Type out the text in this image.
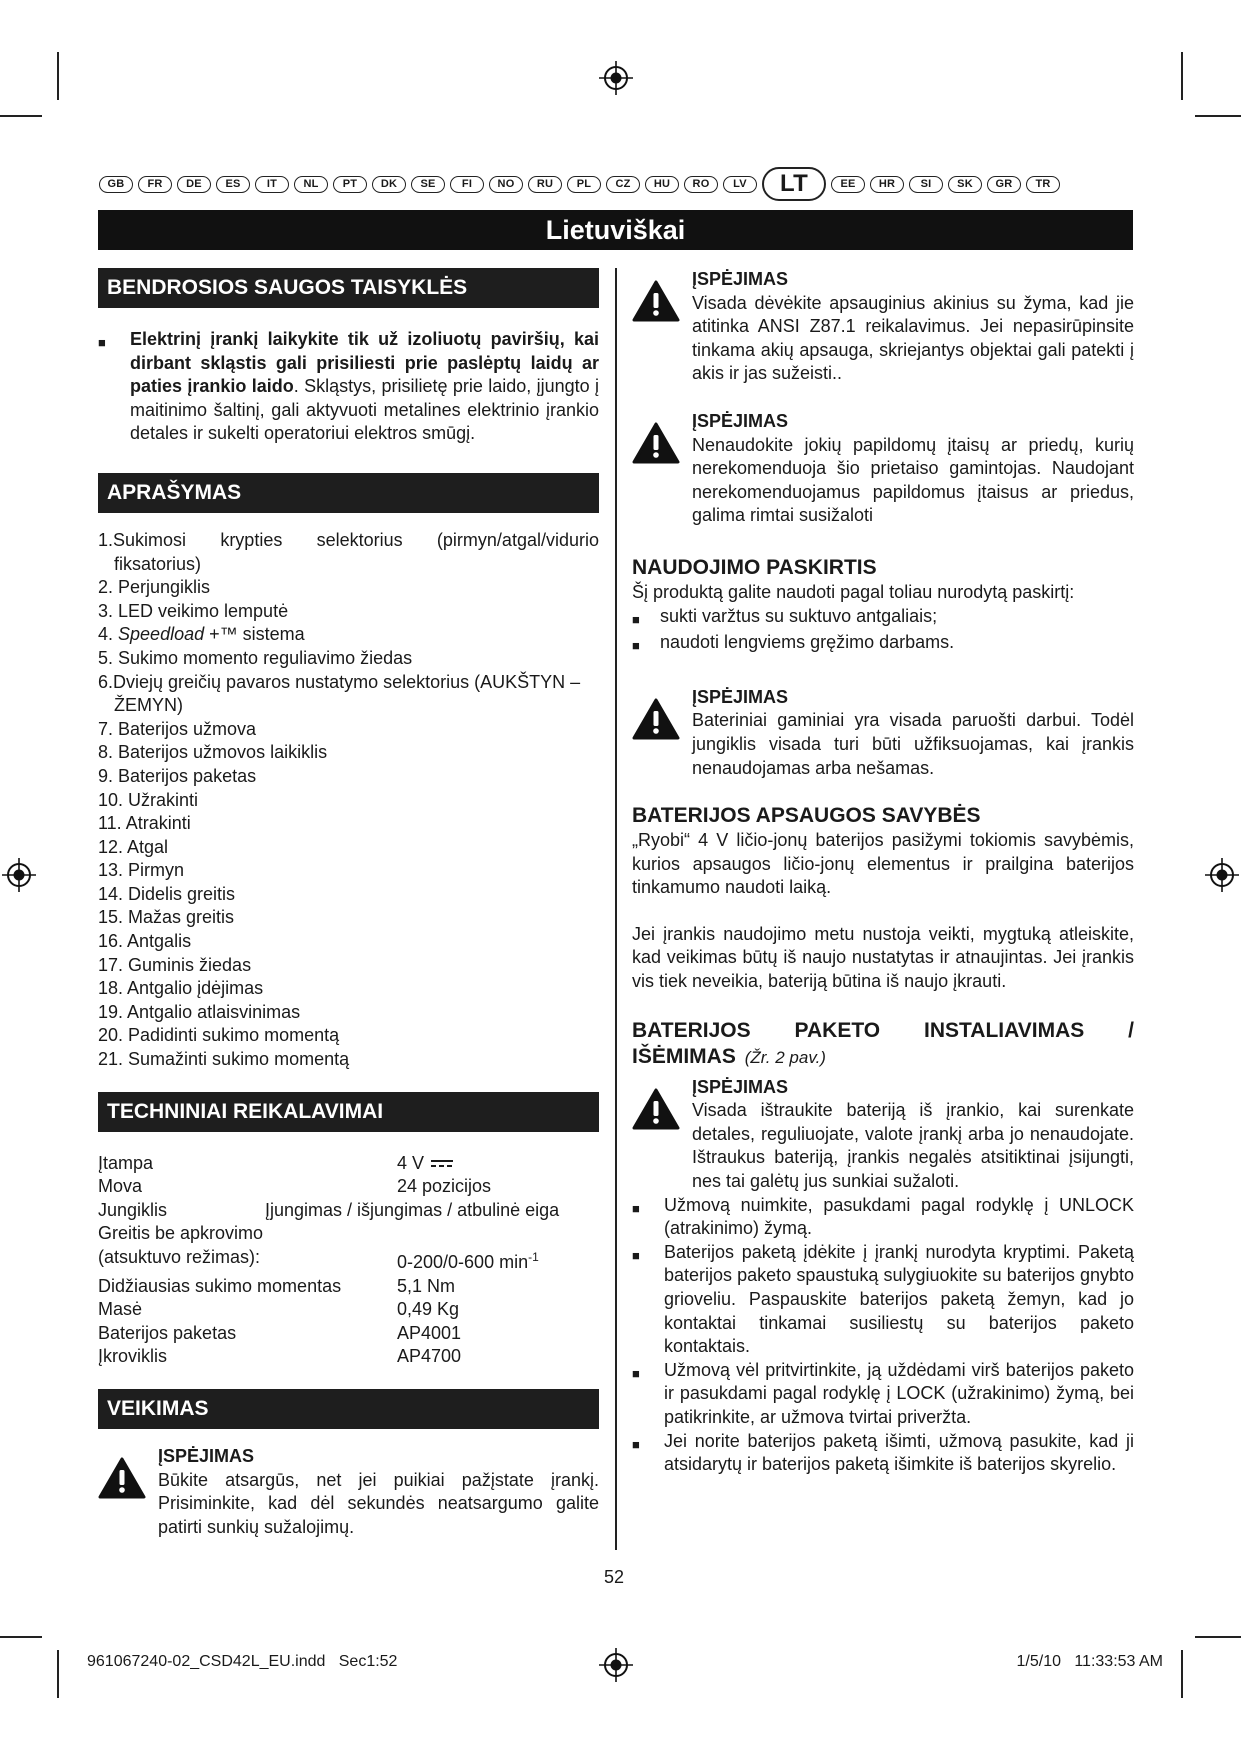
GB	FR	DE	ES	IT	NL	PT	DK	SE	FI	NO	RU	PL	CZ	HU	RO	LV	LT	EE	HR	SI	SK	GR	TR
Lietuviškai
BENDROSIOS SAUGOS TAISYKLĖS
■	Elektrinį įrankį laikykite tik už izoliuotų paviršių, kai dirbant skląstis gali prisiliesti prie paslėptų laidų ar paties įrankio laido. Skląstys, prisilietę prie laido, įjungto į maitinimo šaltinį, gali aktyvuoti metalines elektrinio įrankio detales ir sukelti operatoriui elektros smūgį.
APRAŠYMAS
1.Sukimosi krypties selektorius (pirmyn/atgal/vidurio fiksatorius)
2. Perjungiklis
3. LED veikimo lemputė
4. Speedload +™ sistema
5. Sukimo momento reguliavimo žiedas
6.Dviejų greičių pavaros nustatymo selektorius (AUKŠTYN – ŽEMYN)
7. Baterijos užmova
8. Baterijos užmovos laikiklis
9. Baterijos paketas
10. Užrakinti
11. Atrakinti
12. Atgal
13. Pirmyn
14. Didelis greitis
15. Mažas greitis
16. Antgalis
17. Guminis žiedas
18. Antgalio įdėjimas
19. Antgalio atlaisvinimas
20. Padidinti sukimo momentą
21. Sumažinti sukimo momentą
TECHNINIAI REIKALAVIMAI
Įtampa	4 V
Mova	24 pozicijos
Jungiklis	Įjungimas / išjungimas / atbulinė eiga
Greitis be apkrovimo
(atsuktuvo režimas):	0-200/0-600 $\min^{-1}$
Didžiausias sukimo momentas	5,1 Nm
Masė	0,49 Kg
Baterijos paketas	AP4001
Įkroviklis	AP4700
VEIKIMAS
ĮSPĖJIMAS
Būkite atsargūs, net jei puikiai pažįstate įrankį. Prisiminkite, kad dėl sekundės neatsargumo galite patirti sunkių sužalojimų.
ĮSPĖJIMAS
Visada dėvėkite apsauginius akinius su žyma, kad jie atitinka ANSI Z87.1 reikalavimus. Jei nepasirūpinsite tinkama akių apsauga, skriejantys objektai gali patekti į akis ir jas sužeisti..
ĮSPĖJIMAS
Nenaudokite jokių papildomų įtaisų ar priedų, kurių nerekomenduoja šio prietaiso gamintojas. Naudojant nerekomenduojamus papildomus įtaisus ar priedus, galima rimtai susižaloti
NAUDOJIMO PASKIRTIS
Šį produktą galite naudoti pagal toliau nurodytą paskirtį:
■	sukti varžtus su suktuvo antgaliais;
■	naudoti lengviems gręžimo darbams.
ĮSPĖJIMAS
Bateriniai gaminiai yra visada paruošti darbui. Todėl jungiklis visada turi būti užfiksuojamas, kai įrankis nenaudojamas arba nešamas.
BATERIJOS APSAUGOS SAVYBĖS
„Ryobi“ 4 V ličio-jonų baterijos pasižymi tokiomis savybėmis, kurios apsaugos ličio-jonų elementus ir prailgina baterijos tinkamumo naudoti laiką.
Jei įrankis naudojimo metu nustoja veikti, mygtuką atleiskite, kad veikimas būtų iš naujo nustatytas ir atnaujintas. Jei įrankis vis tiek neveikia, bateriją būtina iš naujo įkrauti.
BATERIJOS PAKETO INSTALIAVIMAS /
IŠĖMIMAS (Žr. 2 pav.)
ĮSPĖJIMAS
Visada ištraukite bateriją iš įrankio, kai surenkate detales, reguliuojate, valote įrankį arba jo nenaudojate. Ištraukus bateriją, įrankis negalės atsitiktinai įsijungti, nes tai galėtų jus sunkiai sužaloti.
■	Užmovą nuimkite, pasukdami pagal rodyklę į UNLOCK (atrakinimo) žymą.
■	Baterijos paketą įdėkite į įrankį nurodyta kryptimi. Paketą baterijos paketo spaustuką sulygiuokite su baterijos gnybto grioveliu. Paspauskite baterijos paketą žemyn, kad jo kontaktai tinkamai susiliestų su baterijos paketo kontaktais.
■	Užmovą vėl pritvirtinkite, ją uždėdami virš baterijos paketo ir pasukdami pagal rodyklę į LOCK (užrakinimo) žymą, bei patikrinkite, ar užmova tvirtai priveržta.
■	Jei norite baterijos paketą išimti, užmovą pasukite, kad ji atsidarytų ir baterijos paketą išimkite iš baterijos skyrelio.
52
961067240-02_CSD42L_EU.indd   Sec1:52	1/5/10   11:33:53 AM
